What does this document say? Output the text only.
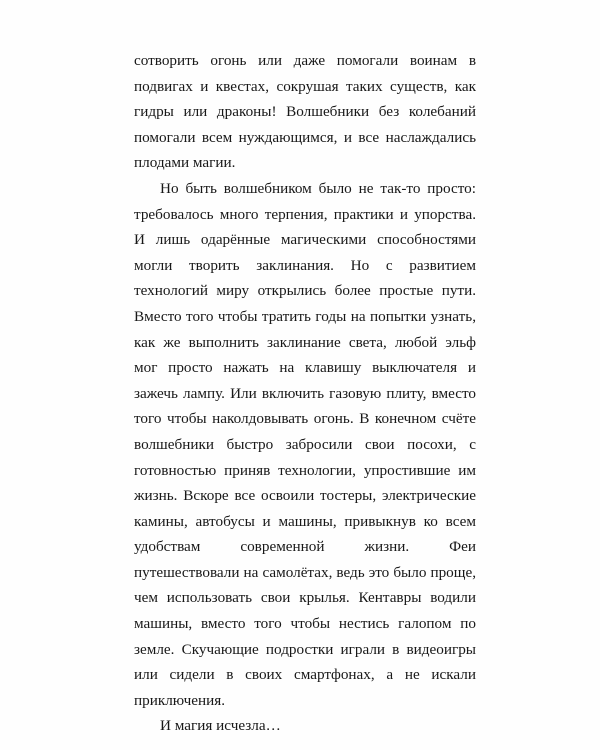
сотворить огонь или даже помогали воинам в подвигах и квестах, сокрушая таких существ, как гидры или драконы! Волшебники без колебаний помогали всем нуждающимся, и все наслаждались плодами магии.

Но быть волшебником было не так-то просто: требовалось много терпения, практики и упорства. И лишь одарённые магическими способностями могли творить заклинания. Но с развитием технологий миру открылись более простые пути. Вместо того чтобы тратить годы на попытки узнать, как же выполнить заклинание света, любой эльф мог просто нажать на клавишу выключателя и зажечь лампу. Или включить газовую плиту, вместо того чтобы наколдовывать огонь. В конечном счёте волшебники быстро забросили свои посохи, с готовностью приняв технологии, упростившие им жизнь. Вскоре все освоили тостеры, электрические камины, автобусы и машины, привыкнув ко всем удобствам современной жизни. Феи путешествовали на самолётах, ведь это было проще, чем использовать свои крылья. Кентавры водили машины, вместо того чтобы нестись галопом по земле. Скучающие подростки играли в видеоигры или сидели в своих смартфонах, а не искали приключения.

И магия исчезла…
